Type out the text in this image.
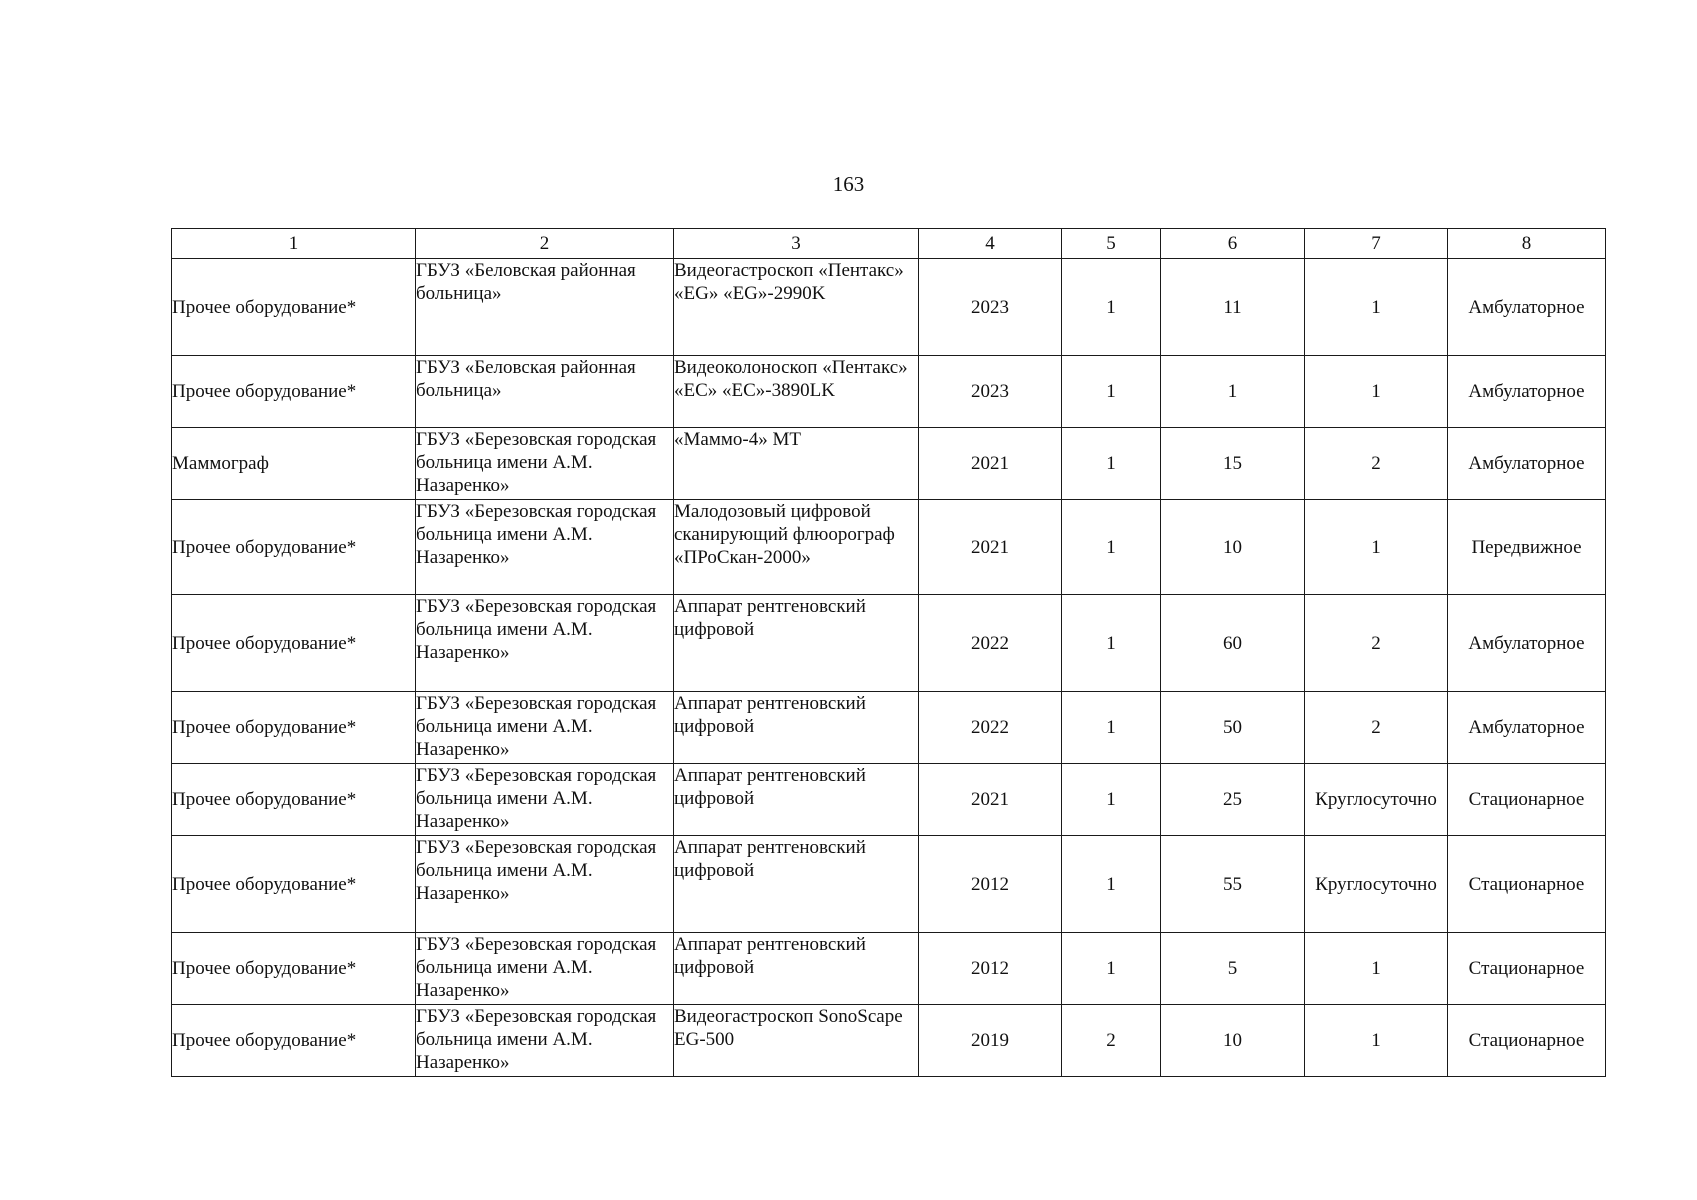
163
1	2	3	4	5	6	7	8
Прочее оборудование*	ГБУЗ «Беловская районная больница»	Видеогастроскоп «Пентакс» «EG» «EG»-2990K	2023	1	11	1	Амбулаторное
Прочее оборудование*	ГБУЗ «Беловская районная больница»	Видеоколоноскоп «Пентакс» «EC» «EC»-3890LK	2023	1	1	1	Амбулаторное
Маммограф	ГБУЗ «Березовская городская больница имени А.М. Назаренко»	«Маммо-4» МТ	2021	1	15	2	Амбулаторное
Прочее оборудование*	ГБУЗ «Березовская городская больница имени А.М. Назаренко»	Малодозовый цифровой сканирующий флюорограф «ПРоСкан-2000»	2021	1	10	1	Передвижное
Прочее оборудование*	ГБУЗ «Березовская городская больница имени А.М. Назаренко»	Аппарат рентгеновский цифровой	2022	1	60	2	Амбулаторное
Прочее оборудование*	ГБУЗ «Березовская городская больница имени А.М. Назаренко»	Аппарат рентгеновский цифровой	2022	1	50	2	Амбулаторное
Прочее оборудование*	ГБУЗ «Березовская городская больница имени А.М. Назаренко»	Аппарат рентгеновский цифровой	2021	1	25	Круглосуточно	Стационарное
Прочее оборудование*	ГБУЗ «Березовская городская больница имени А.М. Назаренко»	Аппарат рентгеновский цифровой	2012	1	55	Круглосуточно	Стационарное
Прочее оборудование*	ГБУЗ «Березовская городская больница имени А.М. Назаренко»	Аппарат рентгеновский цифровой	2012	1	5	1	Стационарное
Прочее оборудование*	ГБУЗ «Березовская городская больница имени А.М. Назаренко»	Видеогастроскоп SonoScape EG-500	2019	2	10	1	Стационарное
